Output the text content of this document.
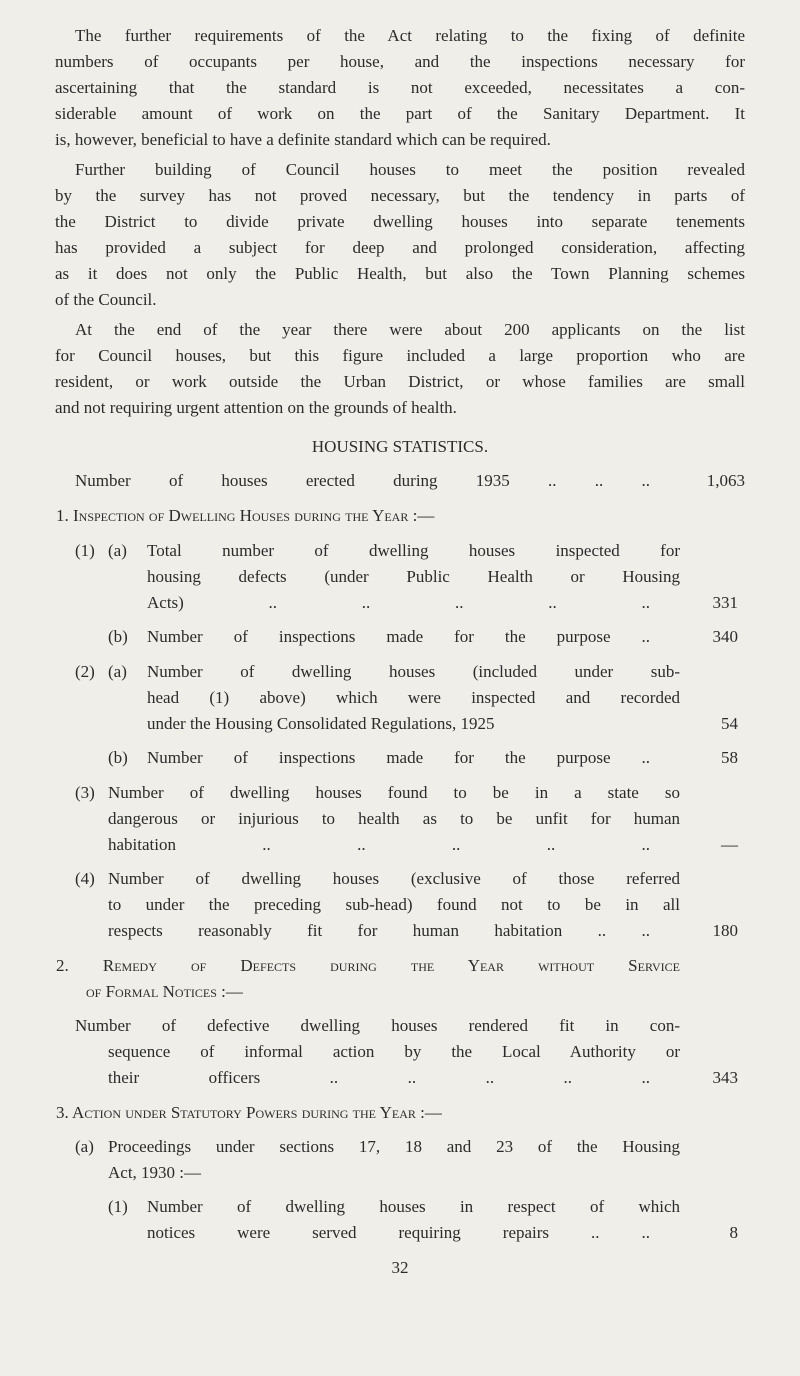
The further requirements of the Act relating to the fixing of definite
numbers of occupants per house, and the inspections necessary for
ascertaining that the standard is not exceeded, necessitates a con-
siderable amount of work on the part of the Sanitary Department. It
is, however, beneficial to have a definite standard which can be required.
Further building of Council houses to meet the position revealed
by the survey has not proved necessary, but the tendency in parts of
the District to divide private dwelling houses into separate tenements
has provided a subject for deep and prolonged consideration, affecting
as it does not only the Public Health, but also the Town Planning schemes
of the Council.
At the end of the year there were about 200 applicants on the list
for Council houses, but this figure included a large proportion who are
resident, or work outside the Urban District, or whose families are small
and not requiring urgent attention on the grounds of health.
HOUSING STATISTICS.
Number of houses erected during 1935 .. .. ..	1,063
1. Inspection of Dwelling Houses during the Year :—
(1) (a) Total number of dwelling houses inspected for
housing defects (under Public Health or Housing
Acts) .. .. .. .. ..	331
(b) Number of inspections made for the purpose ..	340
(2) (a) Number of dwelling houses (included under sub-
head (1) above) which were inspected and recorded
under the Housing Consolidated Regulations, 1925	54
(b) Number of inspections made for the purpose ..	58
(3) Number of dwelling houses found to be in a state so
dangerous or injurious to health as to be unfit for human
habitation .. .. .. .. ..	—
(4) Number of dwelling houses (exclusive of those referred
to under the preceding sub-head) found not to be in all
respects reasonably fit for human habitation .. ..	180
2. Remedy of Defects during the Year without Service
of Formal Notices :—
Number of defective dwelling houses rendered fit in con-
sequence of informal action by the Local Authority or
their officers .. .. .. .. ..	343
3. Action under Statutory Powers during the Year :—
(a) Proceedings under sections 17, 18 and 23 of the Housing
Act, 1930 :—
(1) Number of dwelling houses in respect of which
notices were served requiring repairs .. ..	8
32
